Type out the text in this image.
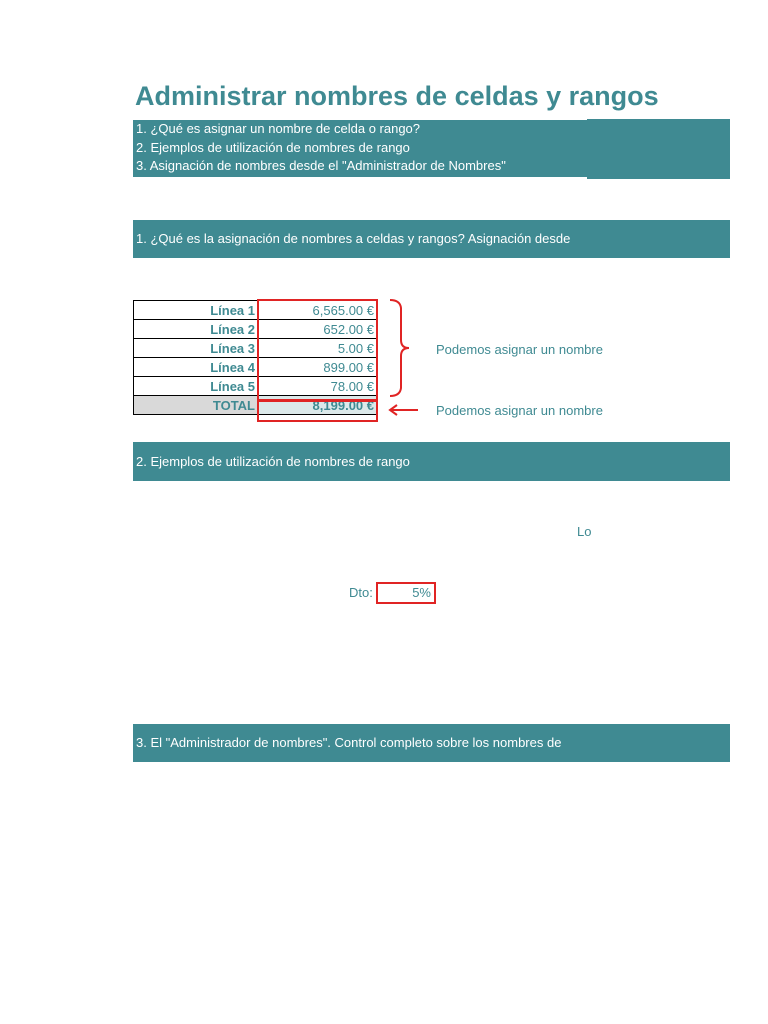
Administrar nombres de celdas y rangos
1. ¿Qué es asignar un nombre de celda o rango?
2. Ejemplos de utilización de nombres de rango
3. Asignación de nombres desde el "Administrador de Nombres"
1. ¿Qué es la asignación de nombres a celdas y rangos? Asignación desde
Línea 1	6,565.00 €
Línea 2	652.00 €
Línea 3	5.00 €
Línea 4	899.00 €
Línea 5	78.00 €
TOTAL	8,199.00 €
Podemos asignar un nombre
Podemos asignar un nombre
2. Ejemplos de utilización de nombres de rango
Lo
Dto:	5%
3. El "Administrador de nombres". Control completo sobre los nombres de
